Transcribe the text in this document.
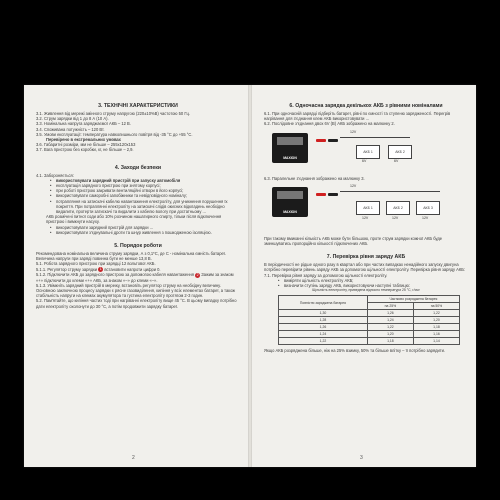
3. ТЕХНІЧНІ ХАРАКТЕРИСТИКИ

3.1. Живлення від мережі змінного струму напругою (220±10%В) частотою 50 Гц.

3.2. Струм зарядки від 1 до 8 А (10 А).

3.3. Номінальна напруга заряджаємої АКБ – 12 В.

3.4. Споживана потужність – 120 Вт.

3.5. Умови експлуатації: температура навколишнього повітря від -35 °С до +55 °С.

Перевірено в екстремальних умовах

3.6. Габаритні розміри, мм не більше – 255х120х153

3.7. Вага пристрою без коробки, кг, не більше – 2,9.

4. Заходи безпеки

4.1. Забороняється:

• використовувати зарядний пристрій при запуску автомобіля

• експлуатація зарядного пристрою при знятому корпусі;

• при роботі пристрою закривати вентиляційні отвори в його корпусі;

• використовувати саморобні запобіжники та невідповідного номіналу;

• потрапляння на затискачі кабелю навантаження електроліту, для уникнення порушення їх покриття. При потраплянні електроліту на затискачі слідів окисних відкладень необхідно видалити, протерти затискачі та видалити з кабелю вологу при достатньому ...

АКБ розмічені питної соди або 10% розчином нашатирного спирту, тільки після відключення пристрою і вимкнути насуху.

• використовувати зарядний пристрій для зарядки ...

• використовувати з'єднувальні дроти та шнур живлення з пошкодженою ізоляцією.

5. Порядок роботи

Рекомендована номінальна величина струму зарядки, А з 0,1*С, де С - номінальна ємність батареї. Величина напруги при заряді повинна бути не менше 13,8 В.

5.1. Робота зарядного пристрою при зарядці 12 вольтової АКБ.

5.1.1. Регулятор струму зарядки 1 встановити напроти цифри 0.

5.1.2. Підключити АКБ до зарядного пристрою за допомогою кабеля навантаження 2 Зажим за знаком «+» підключити до клеми «+» АКБ, за знаком «–» до клеми «–».

5.1.3. Увімкніть зарядний пристрій в мережу, встановіть регулятор струму на необхідну величину. Основною заключною процесу зарядки є рясне газовиділення, кипіння у всіх елементах батареї, а також стабільність напруги на клемах акумулятора та густина електроліту протягом 2-3 годин.

5.2. Пам'ятайте, що кипіння частих тоді при нагріванні електроліту вище 45 °С. В цьому випадку потрібно дати електроліту охолонути до 30 °С, а потім продовжити зарядку батареї.

2
6. Одночасна зарядка декількох АКБ з рівними номіналами

6.1. При одночасній зарядці підберіть батареї, рівні по ємності та ступеню зарядженості. Перегрів нагрівання для з'єднання клем АКБ використовувати ...

6.2. Послідовне з'єднання двох 6V (В) АКБ зображено на малюнку 2.

MAXION
12V
АКБ 1	АКБ 2
6V	6V

6.3. Паралельне з'єднання зображено на малюнку 3.

MAXION
12V
АКБ 1	АКБ 2	АКБ 3
12V	12V	12V

При такому вмиканні кількість АКБ може бути більшою, проте струм зарядки кожної АКБ буде зменшуватись пропорційно кількості підключених АКБ.

7. Перевірка рівня заряду АКБ

В періодичності не рідше одного разу в квартал або при частих випадках ненадійного запуску двигуна потрібно перевірити рівень заряду АКБ за допомогою щільності електроліту. Перевірка рівня заряду АКБ:

7.1. Перевірка рівня заряду за допомогою щільності електроліту.

• виміряти щільність електроліту АКБ;

• визначити ступінь заряду АКБ, використовуючи наступні таблицю:

Щільність електроліту, приведена відносно температури 25 °С, г/см³

Повністю заряджена батарея	Частково розряджена батарея	
	на 25%	на 50%
1,30	1,26	1,22
1,28	1,24	1,20
1,26	1,22	1,18
1,24	1,20	1,16
1,22	1,18	1,14

Якщо АКБ розряджена більше, ніж на 25% взимку, 50% та більше влітку – її потрібно зарядити.

3
